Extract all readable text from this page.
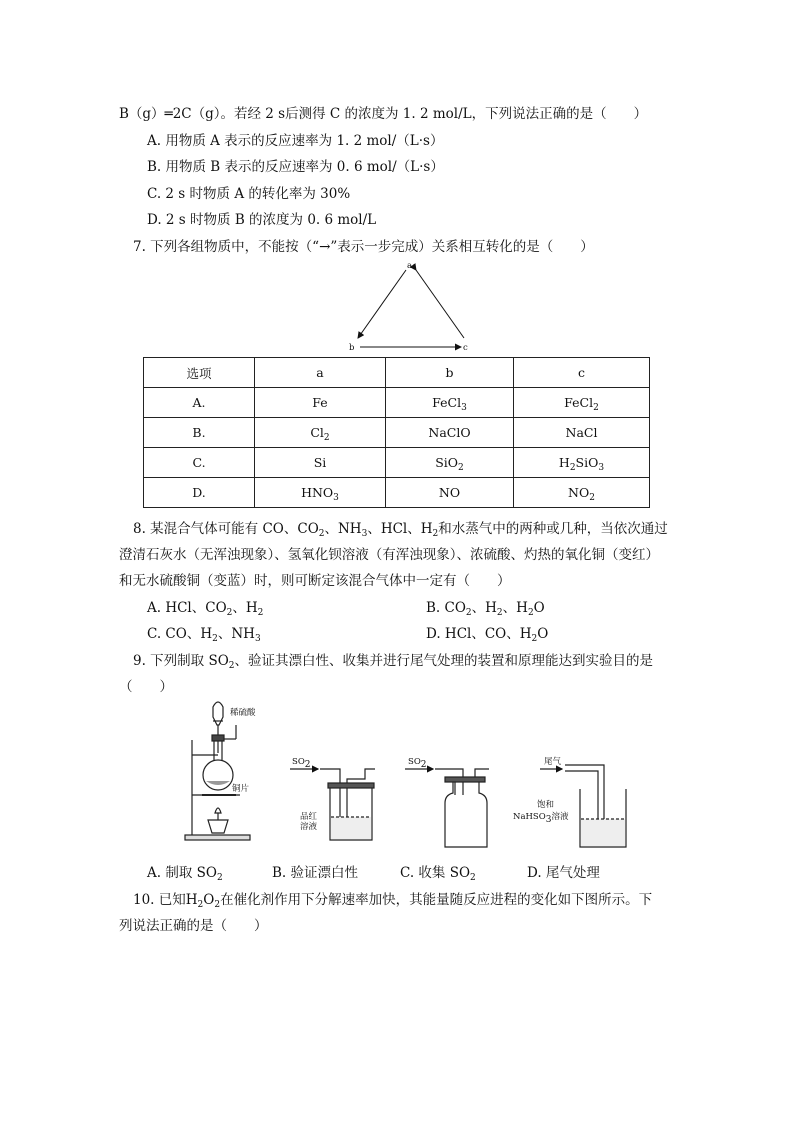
B（g）═2C（g）。若经 2 s后测得 C 的浓度为 1. 2 mol/L，下列说法正确的是（　　）
A. 用物质 A 表示的反应速率为 1. 2 mol/（L·s）
B. 用物质 B 表示的反应速率为 0. 6 mol/（L·s）
C. 2 s 时物质 A 的转化率为 30%
D. 2 s 时物质 B 的浓度为 0. 6 mol/L
7. 下列各组物质中，不能按（“→”表示一步完成）关系相互转化的是（　　）
a
b	c
选项	a	b	c
A.	Fe	FeCl$_3$	FeCl$_2$
B.	$Cl_2$	NaClO	NaCl
C.	Si	SiO$_2$	$H_2SiO_3$
D.	$HNO_3$	NO	$NO_2$
8. 某混合气体可能有 CO、$CO_2$、$NH_3$、HCl、$H_2$和水蒸气中的两种或几种，当依次通过
澄清石灰水（无浑浊现象）、氢氧化钡溶液（有浑浊现象）、浓硫酸、灼热的氧化铜（变红）
和无水硫酸铜（变蓝）时，则可断定该混合气体中一定有（　　）
A. HCl、$CO_2$、$H_2$	B. $CO_2$、$H_2$、$H_2O$
C. CO、$H_2$、$NH_3$	D. HCl、CO、$H_2O$
9. 下列制取 $SO_2$、验证其漂白性、收集并进行尾气处理的装置和原理能达到实验目的是
（　　）
稀硫酸
铜片
$SO_2$
品红
溶液
$SO_2$	尾气
饱和
NaHSO$_3$溶液
A. 制取 $SO_2$	B. 验证漂白性	C. 收集 $SO_2$	D. 尾气处理
10. 已知$H_2O_2$在催化剂作用下分解速率加快，其能量随反应进程的变化如下图所示。下
列说法正确的是（　　）
